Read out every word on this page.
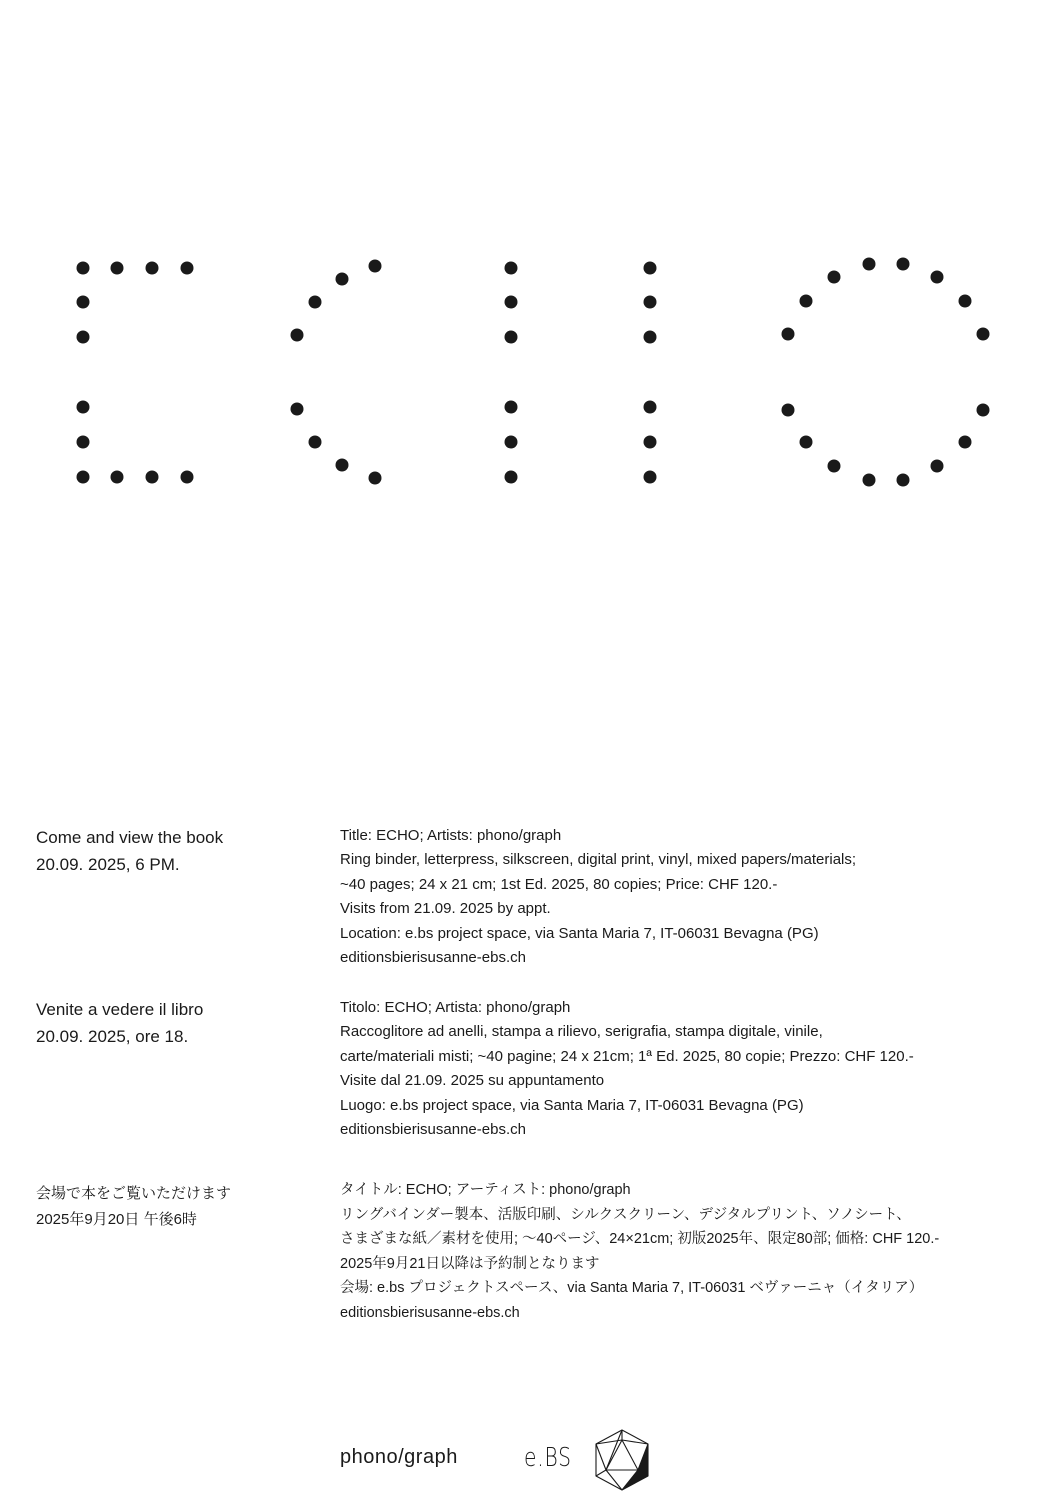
Come and view the book
20.09. 2025, 6 PM.
Title: ECHO; Artists: phono/graph
Ring binder, letterpress, silkscreen, digital print, vinyl, mixed papers/materials;
~40 pages; 24 x 21 cm; 1st Ed. 2025, 80 copies; Price: CHF 120.-
Visits from 21.09. 2025 by appt.
Location: e.bs project space, via Santa Maria 7, IT-06031 Bevagna (PG)
editionsbierisusanne-ebs.ch
Venite a vedere il libro
20.09. 2025, ore 18.
Titolo: ECHO; Artista: phono/graph
Raccoglitore ad anelli, stampa a rilievo, serigrafia, stampa digitale, vinile,
carte/materiali misti; ~40 pagine; 24 x 21cm; 1ª Ed. 2025, 80 copie; Prezzo: CHF 120.-
Visite dal 21.09. 2025 su appuntamento
Luogo: e.bs project space, via Santa Maria 7, IT-06031 Bevagna (PG)
editionsbierisusanne-ebs.ch
会場で本をご覧いただけます
2025年9月20日 午後6時
タイトル: ECHO; アーティスト: phono/graph
リングバインダー製本、活版印刷、シルクスクリーン、デジタルプリント、ソノシート、
さまざまな紙／素材を使用; ～40ページ、24×21cm; 初版2025年、限定80部; 価格: CHF 120.-
2025年9月21日以降は予約制となります
会場: e.bs プロジェクトスペース、via Santa Maria 7, IT-06031 ベヴァーニャ（イタリア）
editionsbierisusanne-ebs.ch
phono/graph	e.BS
